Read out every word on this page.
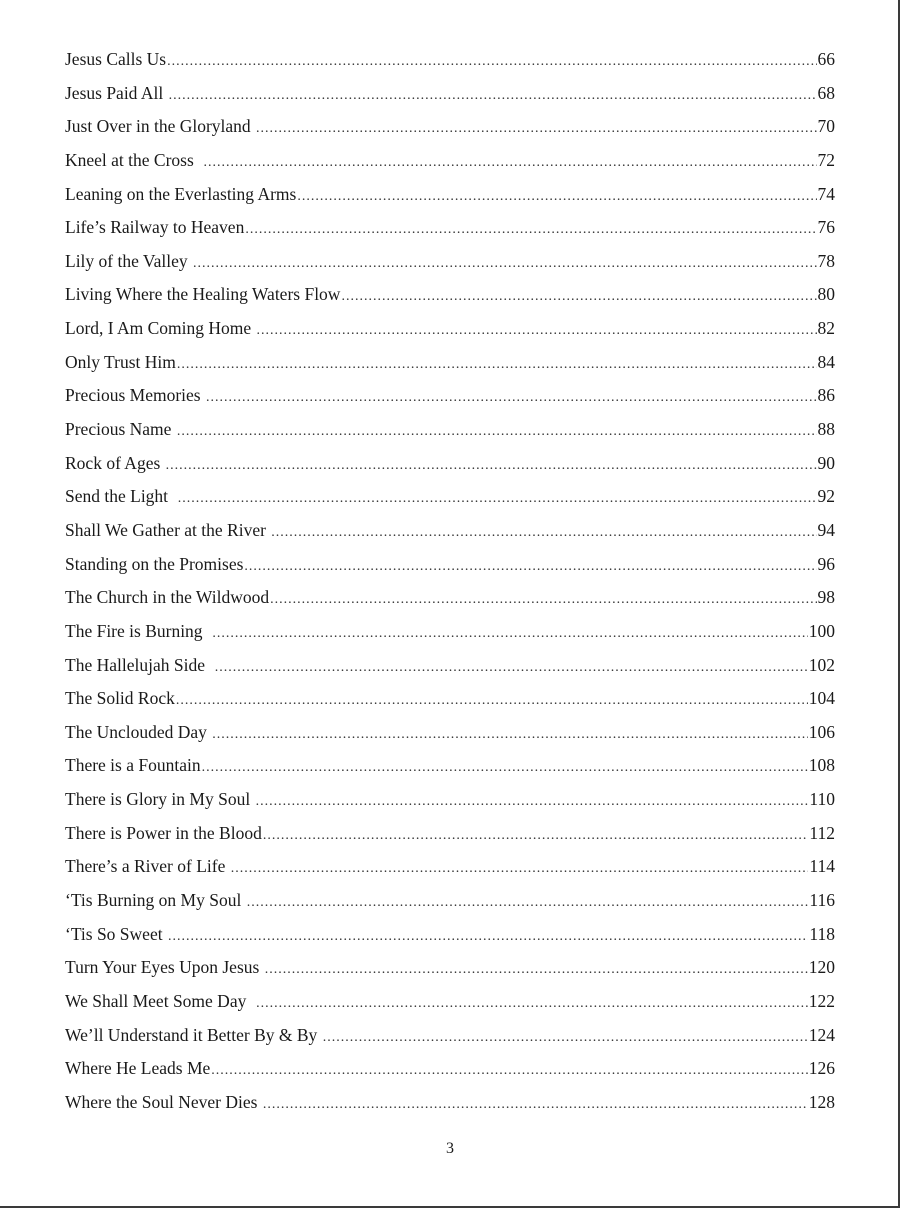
Jesus Calls Us .....	66
Jesus Paid All .....	68
Just Over in the Gloryland .....	70
Kneel at the Cross .....	72
Leaning on the Everlasting Arms .....	74
Life’s Railway to Heaven .....	76
Lily of the Valley .....	78
Living Where the Healing Waters Flow .....	80
Lord, I Am Coming Home .....	82
Only Trust Him .....	84
Precious Memories .....	86
Precious Name .....	88
Rock of Ages .....	90
Send the Light .....	92
Shall We Gather at the River .....	94
Standing on the Promises .....	96
The Church in the Wildwood .....	98
The Fire is Burning .....	100
The Hallelujah Side .....	102
The Solid Rock .....	104
The Unclouded Day .....	106
There is a Fountain .....	108
There is Glory in My Soul .....	110
There is Power in the Blood .....	112
There’s a River of Life .....	114
‘Tis Burning on My Soul .....	116
‘Tis So Sweet .....	118
Turn Your Eyes Upon Jesus .....	120
We Shall Meet Some Day .....	122
We’ll Understand it Better By & By .....	124
Where He Leads Me .....	126
Where the Soul Never Dies .....	128
3
